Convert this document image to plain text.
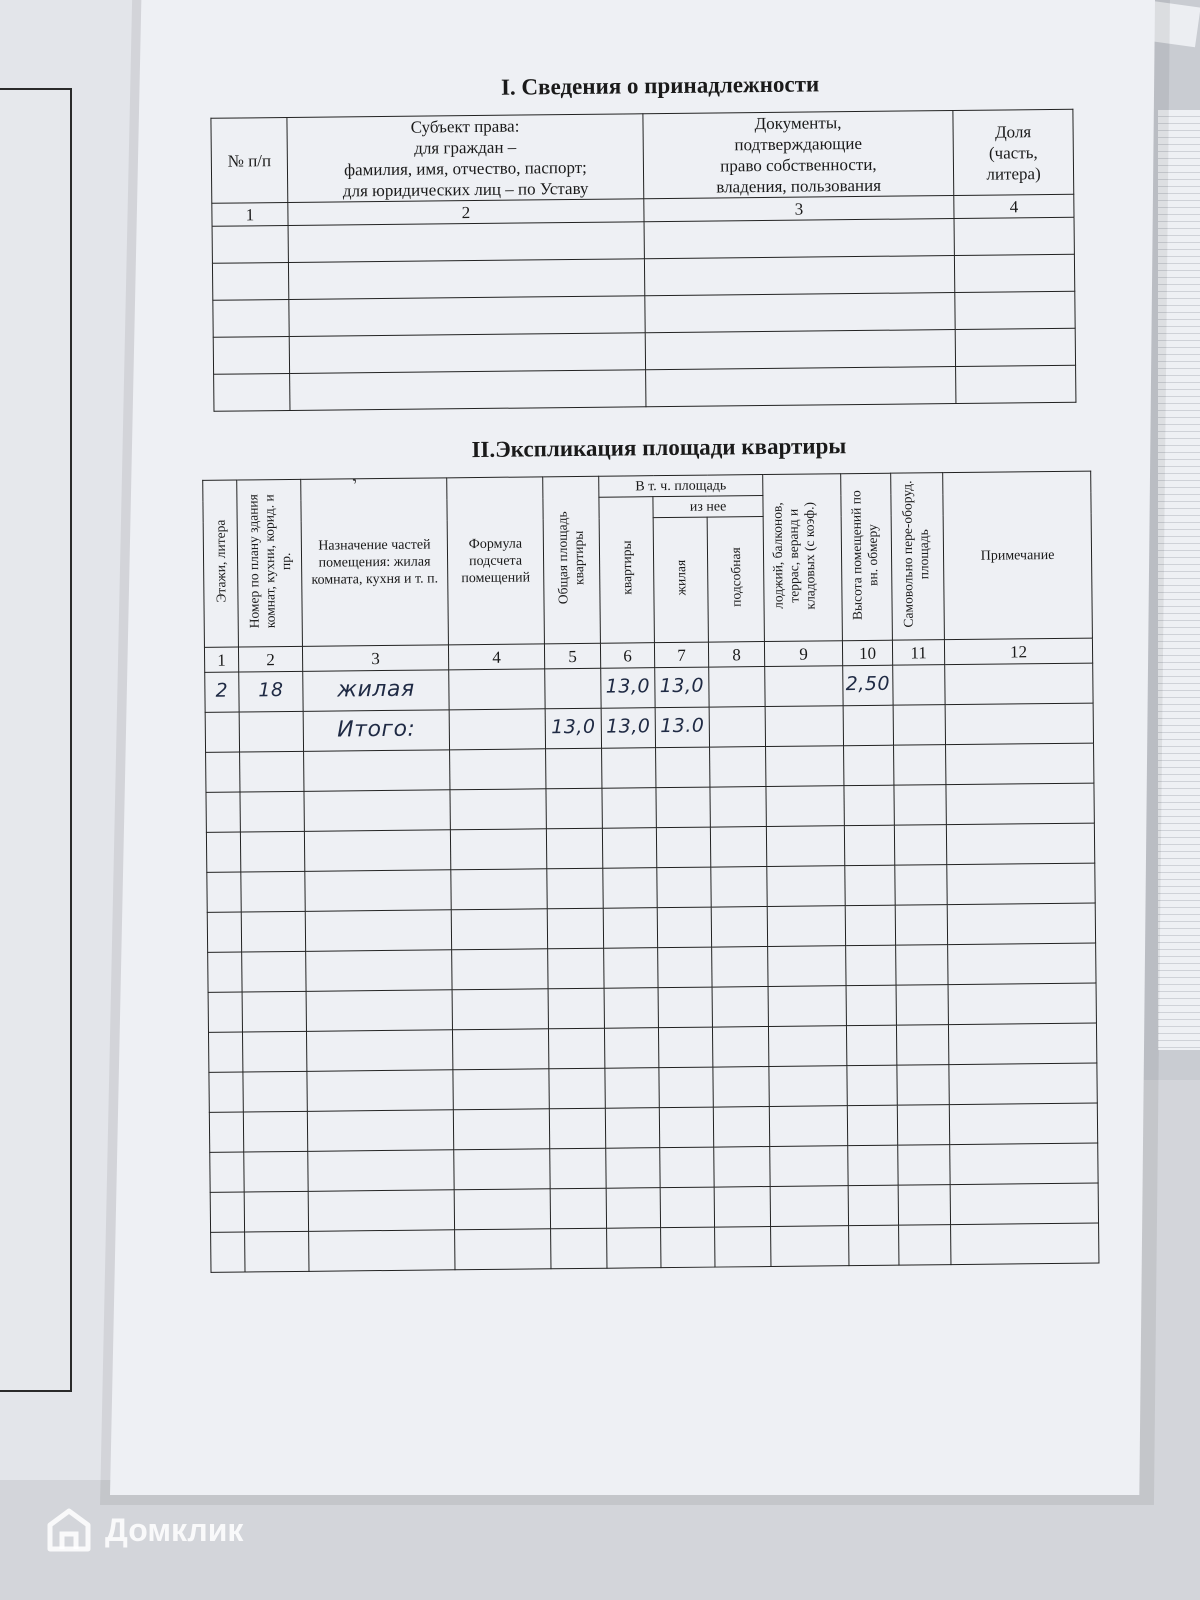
ʼ
I. Сведения о принадлежности
№ п/п	Субъект права:
для граждан –
фамилия, имя, отчество, паспорт;
для юридических лиц – по Уставу	Документы,
подтверждающие
право собственности,
владения, пользования	Доля
(часть,
литера)
1	2	3	4

II.Экспликация площади квартиры
Этажи, литера	Номер по плану здания комнат, кухни, корид. и пр.	Назначение частей помещения: жилая комната, кухня и т. п.	Формула подсчета помещений	Общая площадь квартиры	В т. ч. площадь			лоджий, балконов, террас, веранд и кладовых (с коэф.)	Высота помещений по вн. обмеру	Самовольно пере-оборуд. площадь	Примечание
					квартиры	из нее					
						жилая	подсобная				
1	2	3	4	5	6	7	8	9	10	11	12
2	18	жилая			13,0	13,0			2,50		
		Итого:		13,0	13,0	13.0					

Домклик
